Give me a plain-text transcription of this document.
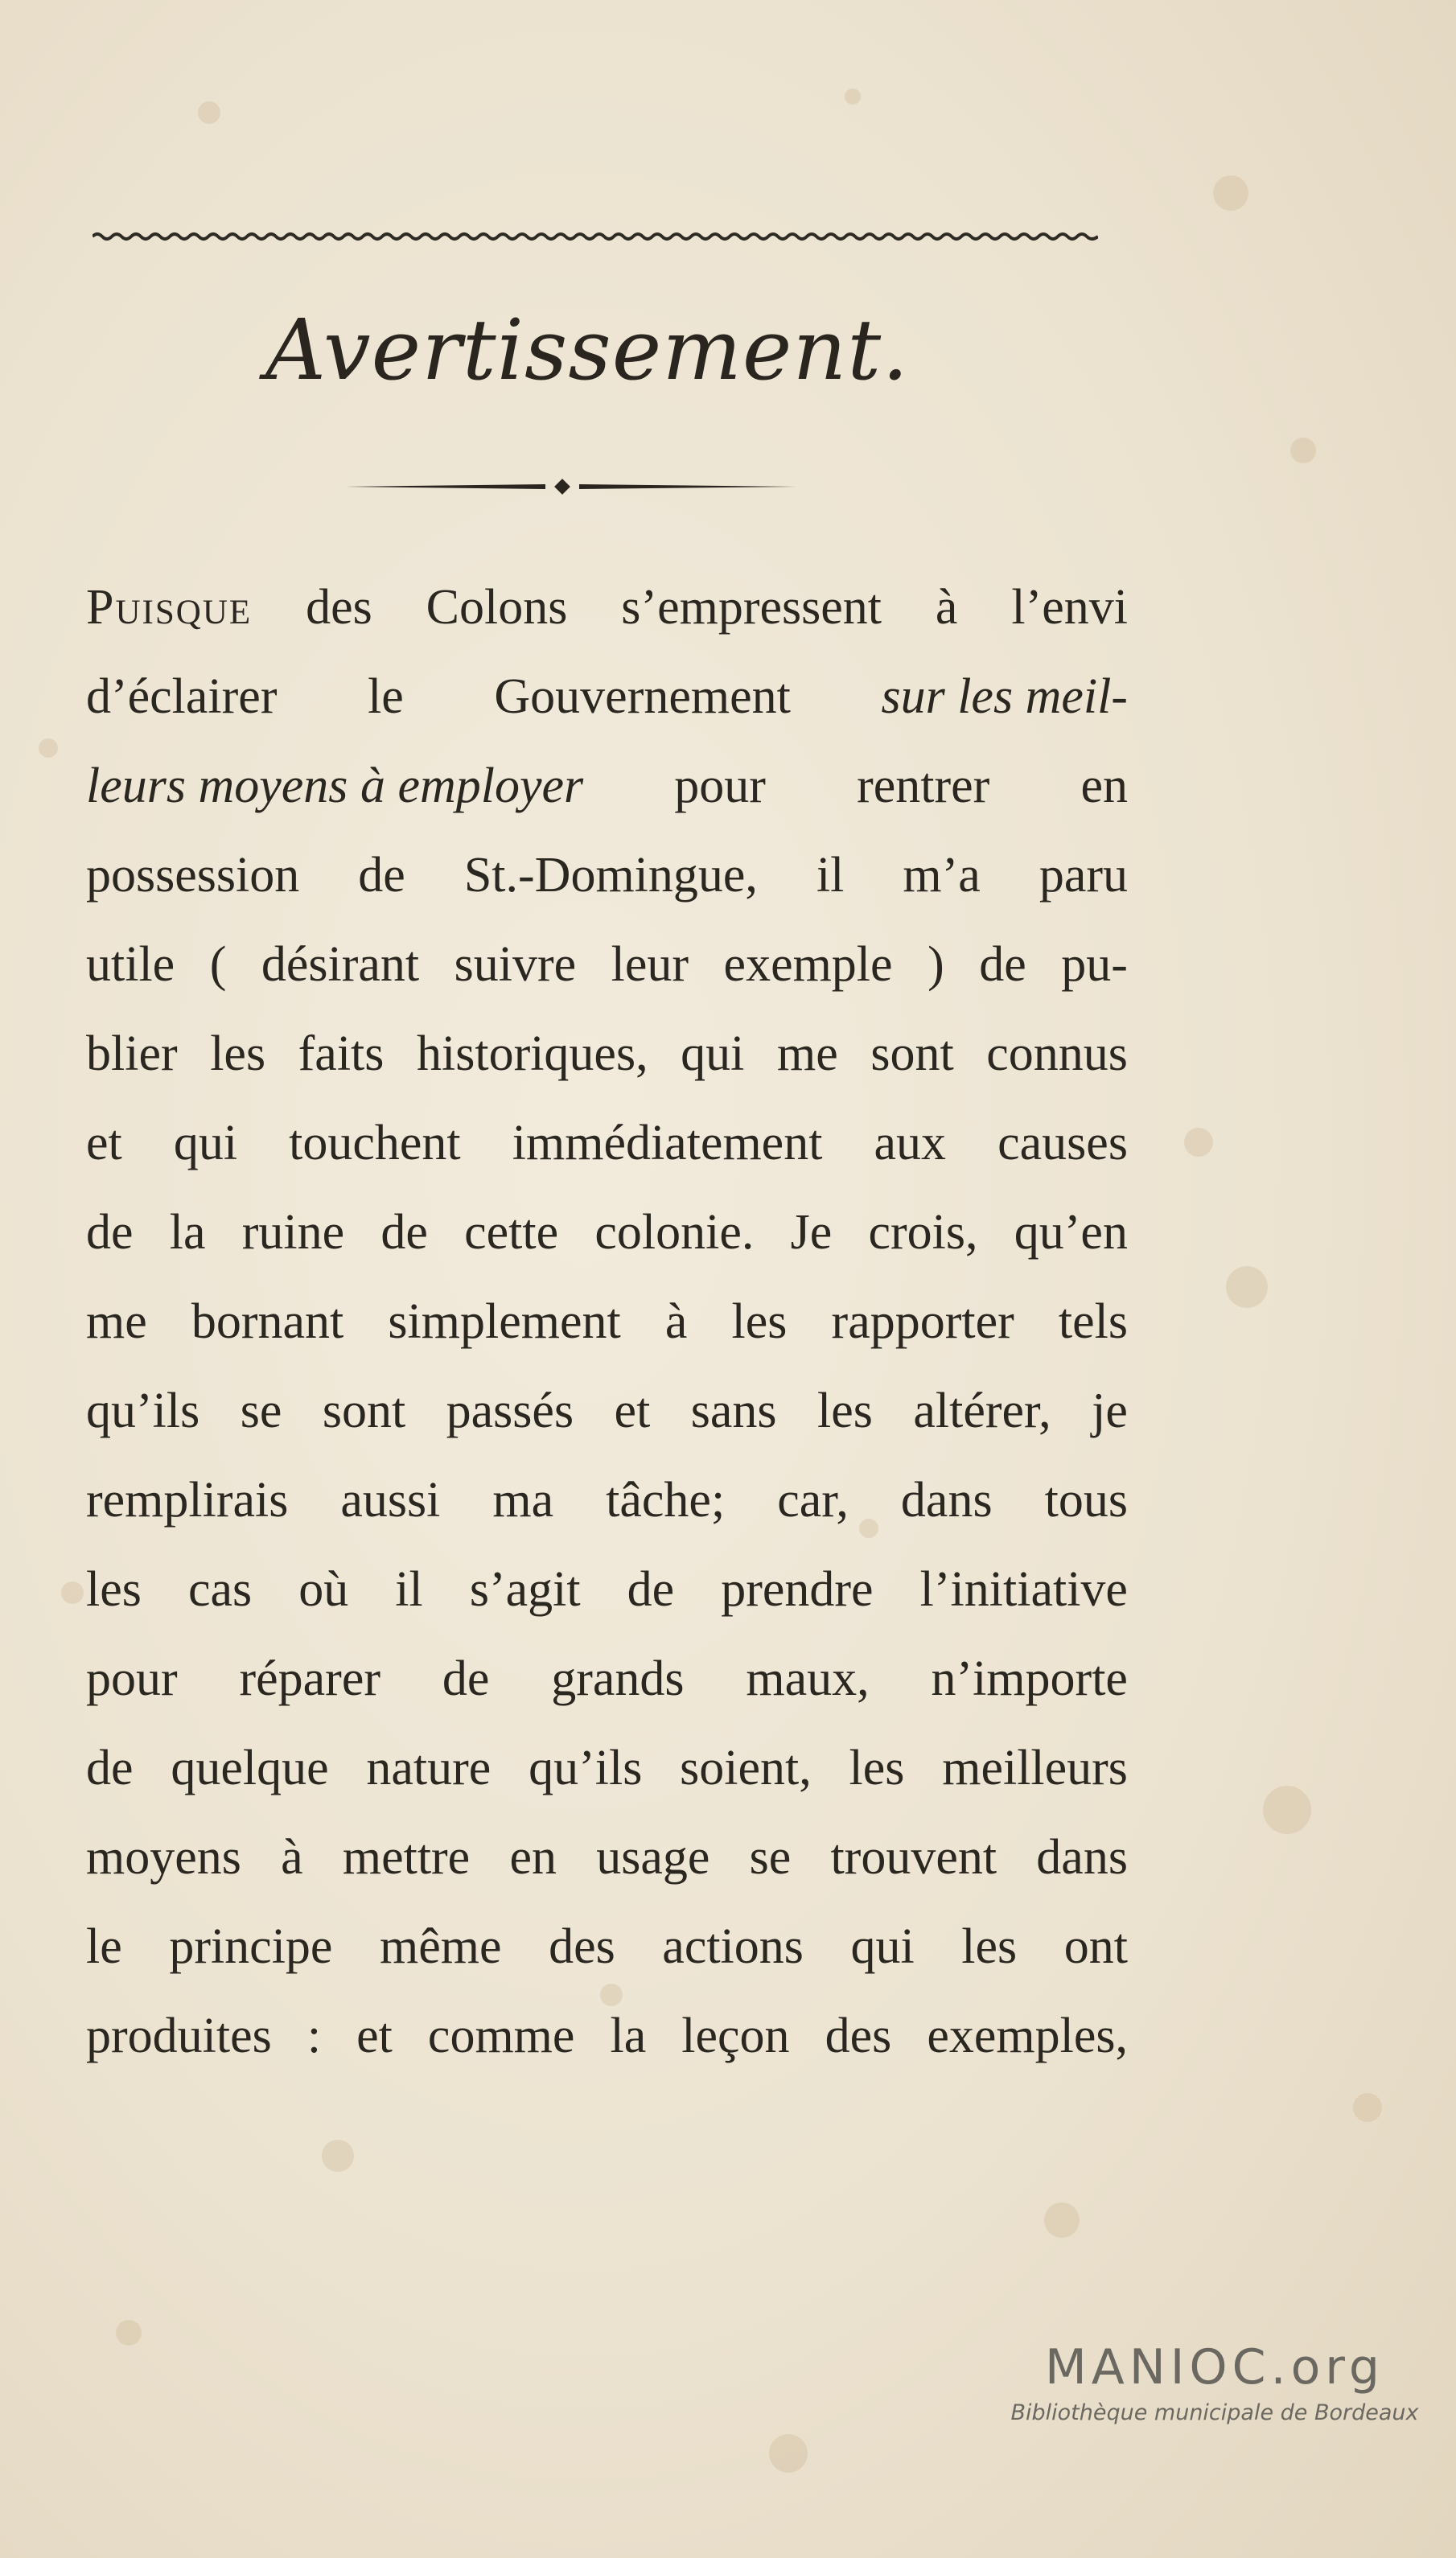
Avertissement.
Puisque des Colons s’empressent à l’envi
d’éclairer le Gouvernement sur les meil-
leurs moyens à employer pour rentrer en
possession de St.-Domingue, il m’a paru
utile ( désirant suivre leur exemple ) de pu-
blier les faits historiques, qui me sont connus
et qui touchent immédiatement aux causes
de la ruine de cette colonie. Je crois, qu’en
me bornant simplement à les rapporter tels
qu’ils se sont passés et sans les altérer, je
remplirais aussi ma tâche; car, dans tous
les cas où il s’agit de prendre l’initiative
pour réparer de grands maux, n’importe
de quelque nature qu’ils soient, les meilleurs
moyens à mettre en usage se trouvent dans
le principe même des actions qui les ont
produites : et comme la leçon des exemples,
MANIOC.org
Bibliothèque municipale de Bordeaux
